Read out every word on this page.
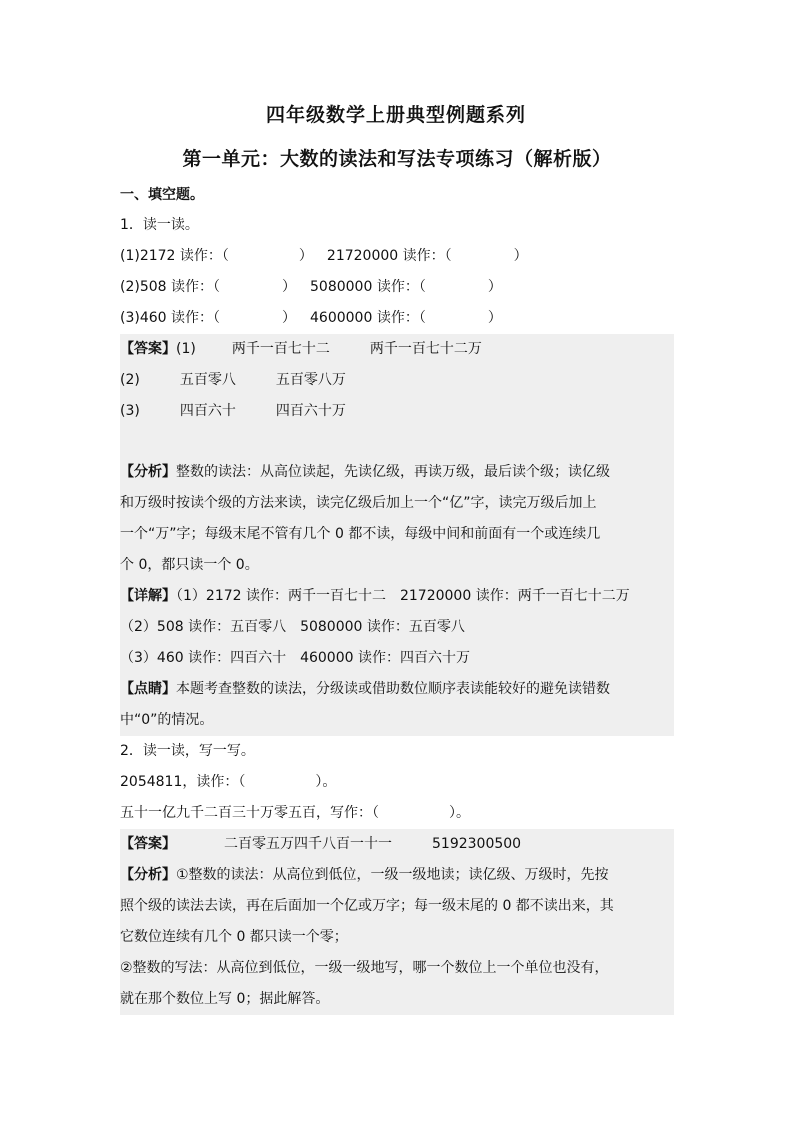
四年级数学上册典型例题系列
第一单元：大数的读法和写法专项练习（解析版）
一、填空题。
1．读一读。
(1)2172 读作：（	） 21720000 读作：（	）
(2)508 读作：（	） 5080000 读作：（	）
(3)460 读作：（	） 4600000 读作：（	）
【答案】(1)	两千一百七十二	两千一百七十二万
(2)	五百零八	五百零八万
(3)	四百六十	四百六十万
【分析】整数的读法：从高位读起，先读亿级，再读万级，最后读个级；读亿级
和万级时按读个级的方法来读，读完亿级后加上一个“亿”字，读完万级后加上
一个“万”字；每级末尾不管有几个 0 都不读，每级中间和前面有一个或连续几
个 0，都只读一个 0。
【详解】（1）2172 读作：两千一百七十二　21720000 读作：两千一百七十二万
（2）508 读作：五百零八　5080000 读作：五百零八
（3）460 读作：四百六十　460000 读作：四百六十万
【点睛】本题考查整数的读法，分级读或借助数位顺序表读能较好的避免读错数
中“0”的情况。
2．读一读，写一写。
2054811，读作：（	）。
五十一亿九千二百三十万零五百，写作：（	）。
【答案】	二百零五万四千八百一十一	5192300500
【分析】①整数的读法：从高位到低位，一级一级地读；读亿级、万级时，先按
照个级的读法去读，再在后面加一个亿或万字；每一级末尾的 0 都不读出来，其
它数位连续有几个 0 都只读一个零；
②整数的写法：从高位到低位，一级一级地写，哪一个数位上一个单位也没有，
就在那个数位上写 0；据此解答。
